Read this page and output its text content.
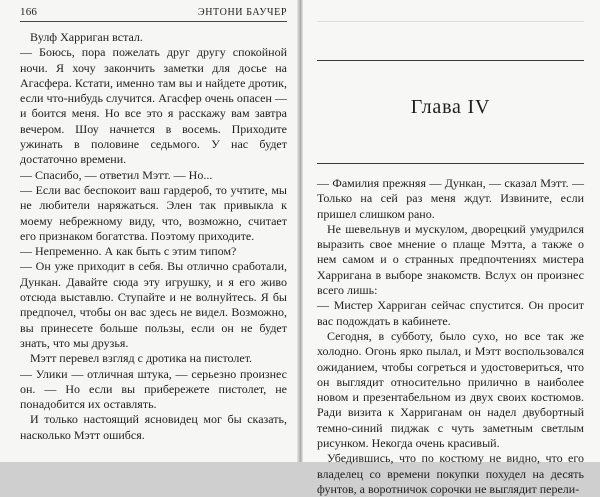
166	ЭНТОНИ БАУЧЕР

Вулф Харриган встал.

— Боюсь, пора пожелать друг другу спокойной ночи. Я хочу закончить заметки для досье на Агасфера. Кстати, именно там вы и найдете дротик, если что-нибудь случится. Агасфер очень опасен — и боится меня. Но все это я расскажу вам завтра вечером. Шоу начнется в восемь. Приходите ужинать в половине седьмого. У нас будет достаточно времени.

— Спасибо, — ответил Мэтт. — Но...

— Если вас беспокоит ваш гардероб, то учтите, мы не любители наряжаться. Элен так привыкла к моему небрежному виду, что, возможно, считает его признаком богатства. Поэтому приходите.

— Непременно. А как быть с этим типом?

— Он уже приходит в себя. Вы отлично сработали, Дункан. Давайте сюда эту игрушку, и я его живо отсюда выставлю. Ступайте и не волнуйтесь. Я бы предпочел, чтобы он вас здесь не видел. Возможно, вы принесете больше пользы, если он не будет знать, что мы друзья.

Мэтт перевел взгляд с дротика на пистолет.

— Улики — отличная штука, — серьезно произнес он. — Но если вы прибережете пистолет, не понадобится их оставлять.

И только настоящий ясновидец мог бы сказать, насколько Мэтт ошибся.

Глава IV

— Фамилия прежняя — Дункан, — сказал Мэтт. — Только на сей раз меня ждут. Извините, если пришел слишком рано.

Не шевельнув и мускулом, дворецкий умудрился выразить свое мнение о плаще Мэтта, а также о нем самом и о странных предпочтениях мистера Харригана в выборе знакомств. Вслух он произнес всего лишь:

— Мистер Харриган сейчас спустится. Он просит вас подождать в кабинете.

Сегодня, в субботу, было сухо, но все так же холодно. Огонь ярко пылал, и Мэтт воспользовался ожиданием, чтобы согреться и удостовериться, что он выглядит относительно прилично в наиболее новом и презентабельном из двух своих костюмов. Ради визита к Харриганам он надел двубортный темно-синий пиджак с чуть заметным светлым рисунком. Некогда очень красивый.

Убедившись, что по костюму не видно, что его владелец со времени покупки похудел на десять фунтов, а воротничок сорочки не выглядит перели-
